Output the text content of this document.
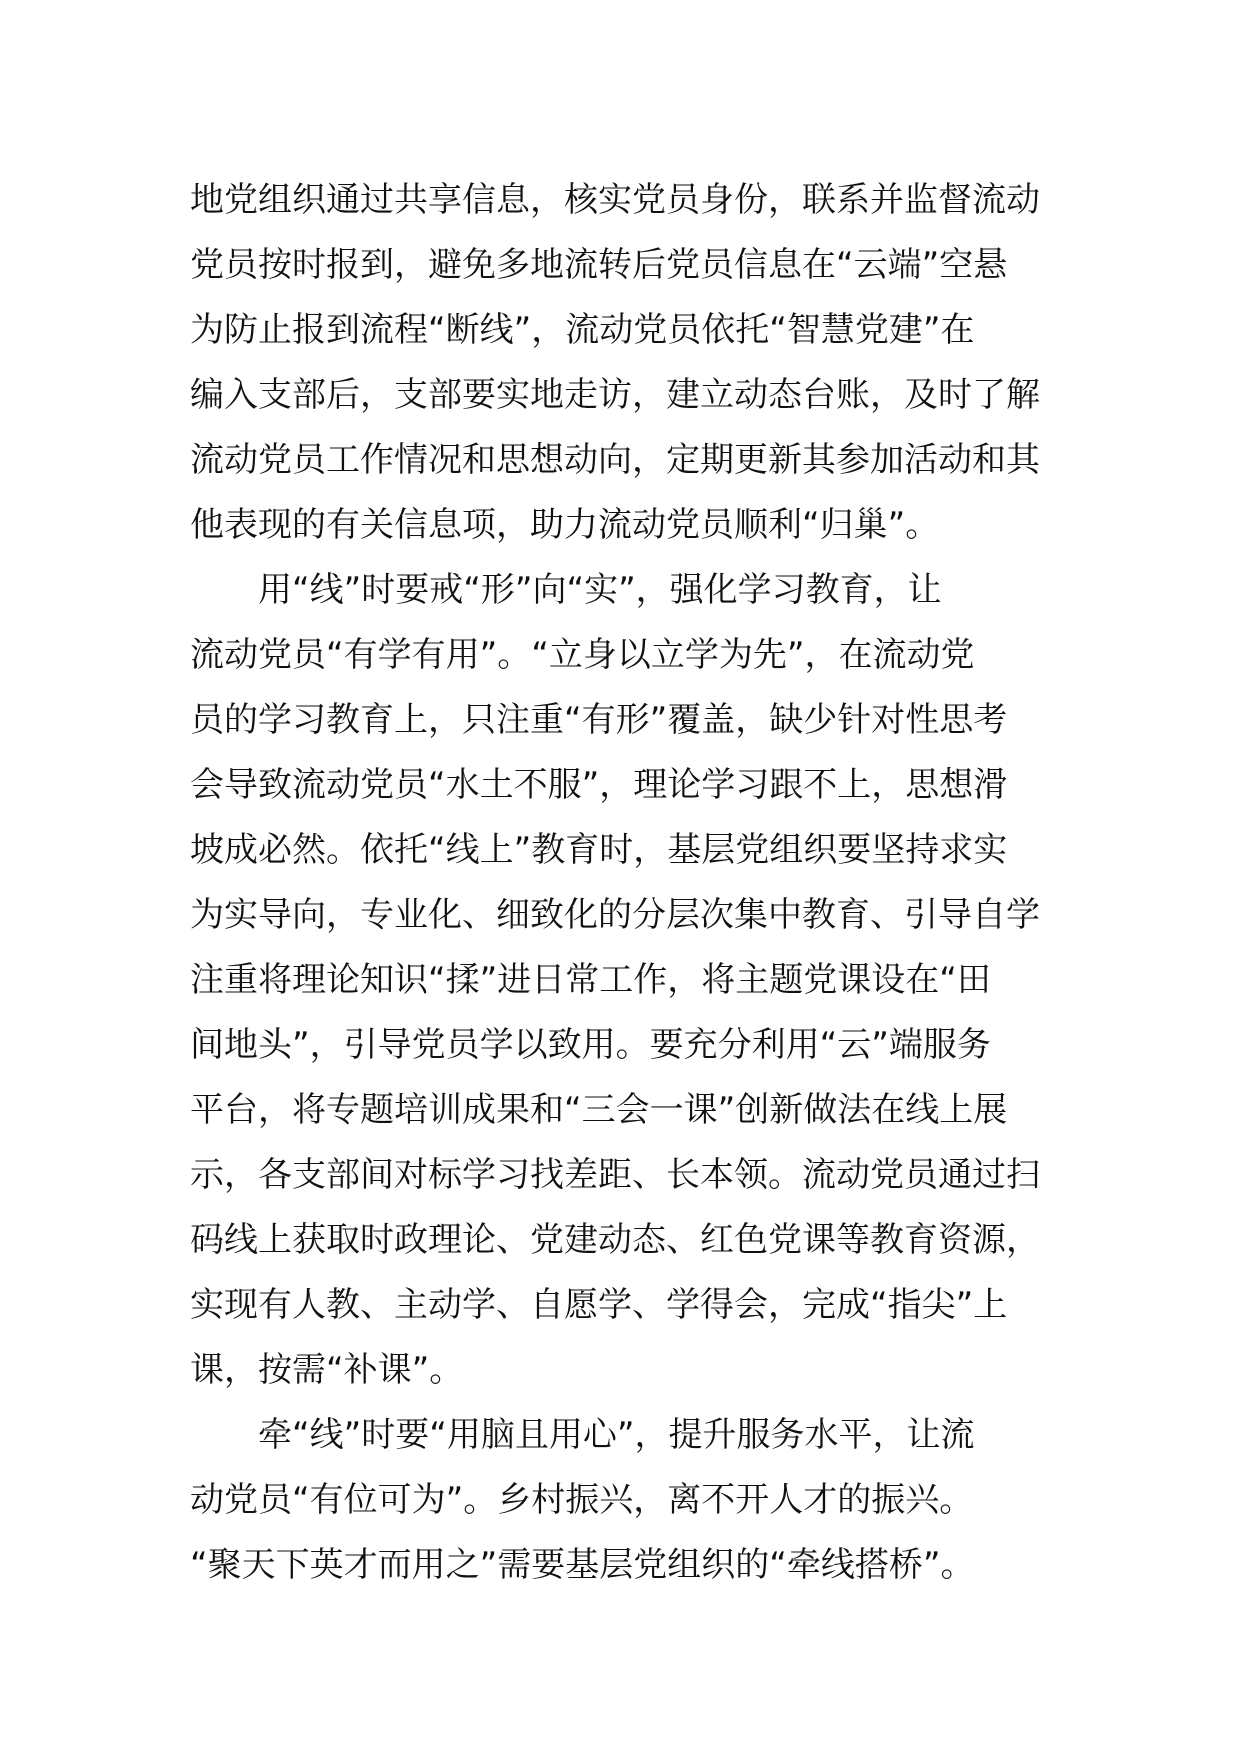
地党组织通过共享信息，核实党员身份，联系并监督流动
党员按时报到，避免多地流转后党员信息在“云端”空悬
为防止报到流程“断线”，流动党员依托“智慧党建”在
编入支部后，支部要实地走访，建立动态台账，及时了解
流动党员工作情况和思想动向，定期更新其参加活动和其
他表现的有关信息项，助力流动党员顺利“归巢”。
用“线”时要戒“形”向“实”，强化学习教育，让
流动党员“有学有用”。“立身以立学为先”，在流动党
员的学习教育上，只注重“有形”覆盖，缺少针对性思考
会导致流动党员“水土不服”，理论学习跟不上，思想滑
坡成必然。依托“线上”教育时，基层党组织要坚持求实
为实导向，专业化、细致化的分层次集中教育、引导自学
注重将理论知识“揉”进日常工作，将主题党课设在“田
间地头”，引导党员学以致用。要充分利用“云”端服务
平台，将专题培训成果和“三会一课”创新做法在线上展
示，各支部间对标学习找差距、长本领。流动党员通过扫
码线上获取时政理论、党建动态、红色党课等教育资源，
实现有人教、主动学、自愿学、学得会，完成“指尖”上
课，按需“补课”。
牵“线”时要“用脑且用心”，提升服务水平，让流
动党员“有位可为”。乡村振兴，离不开人才的振兴。
“聚天下英才而用之”需要基层党组织的“牵线搭桥”。
